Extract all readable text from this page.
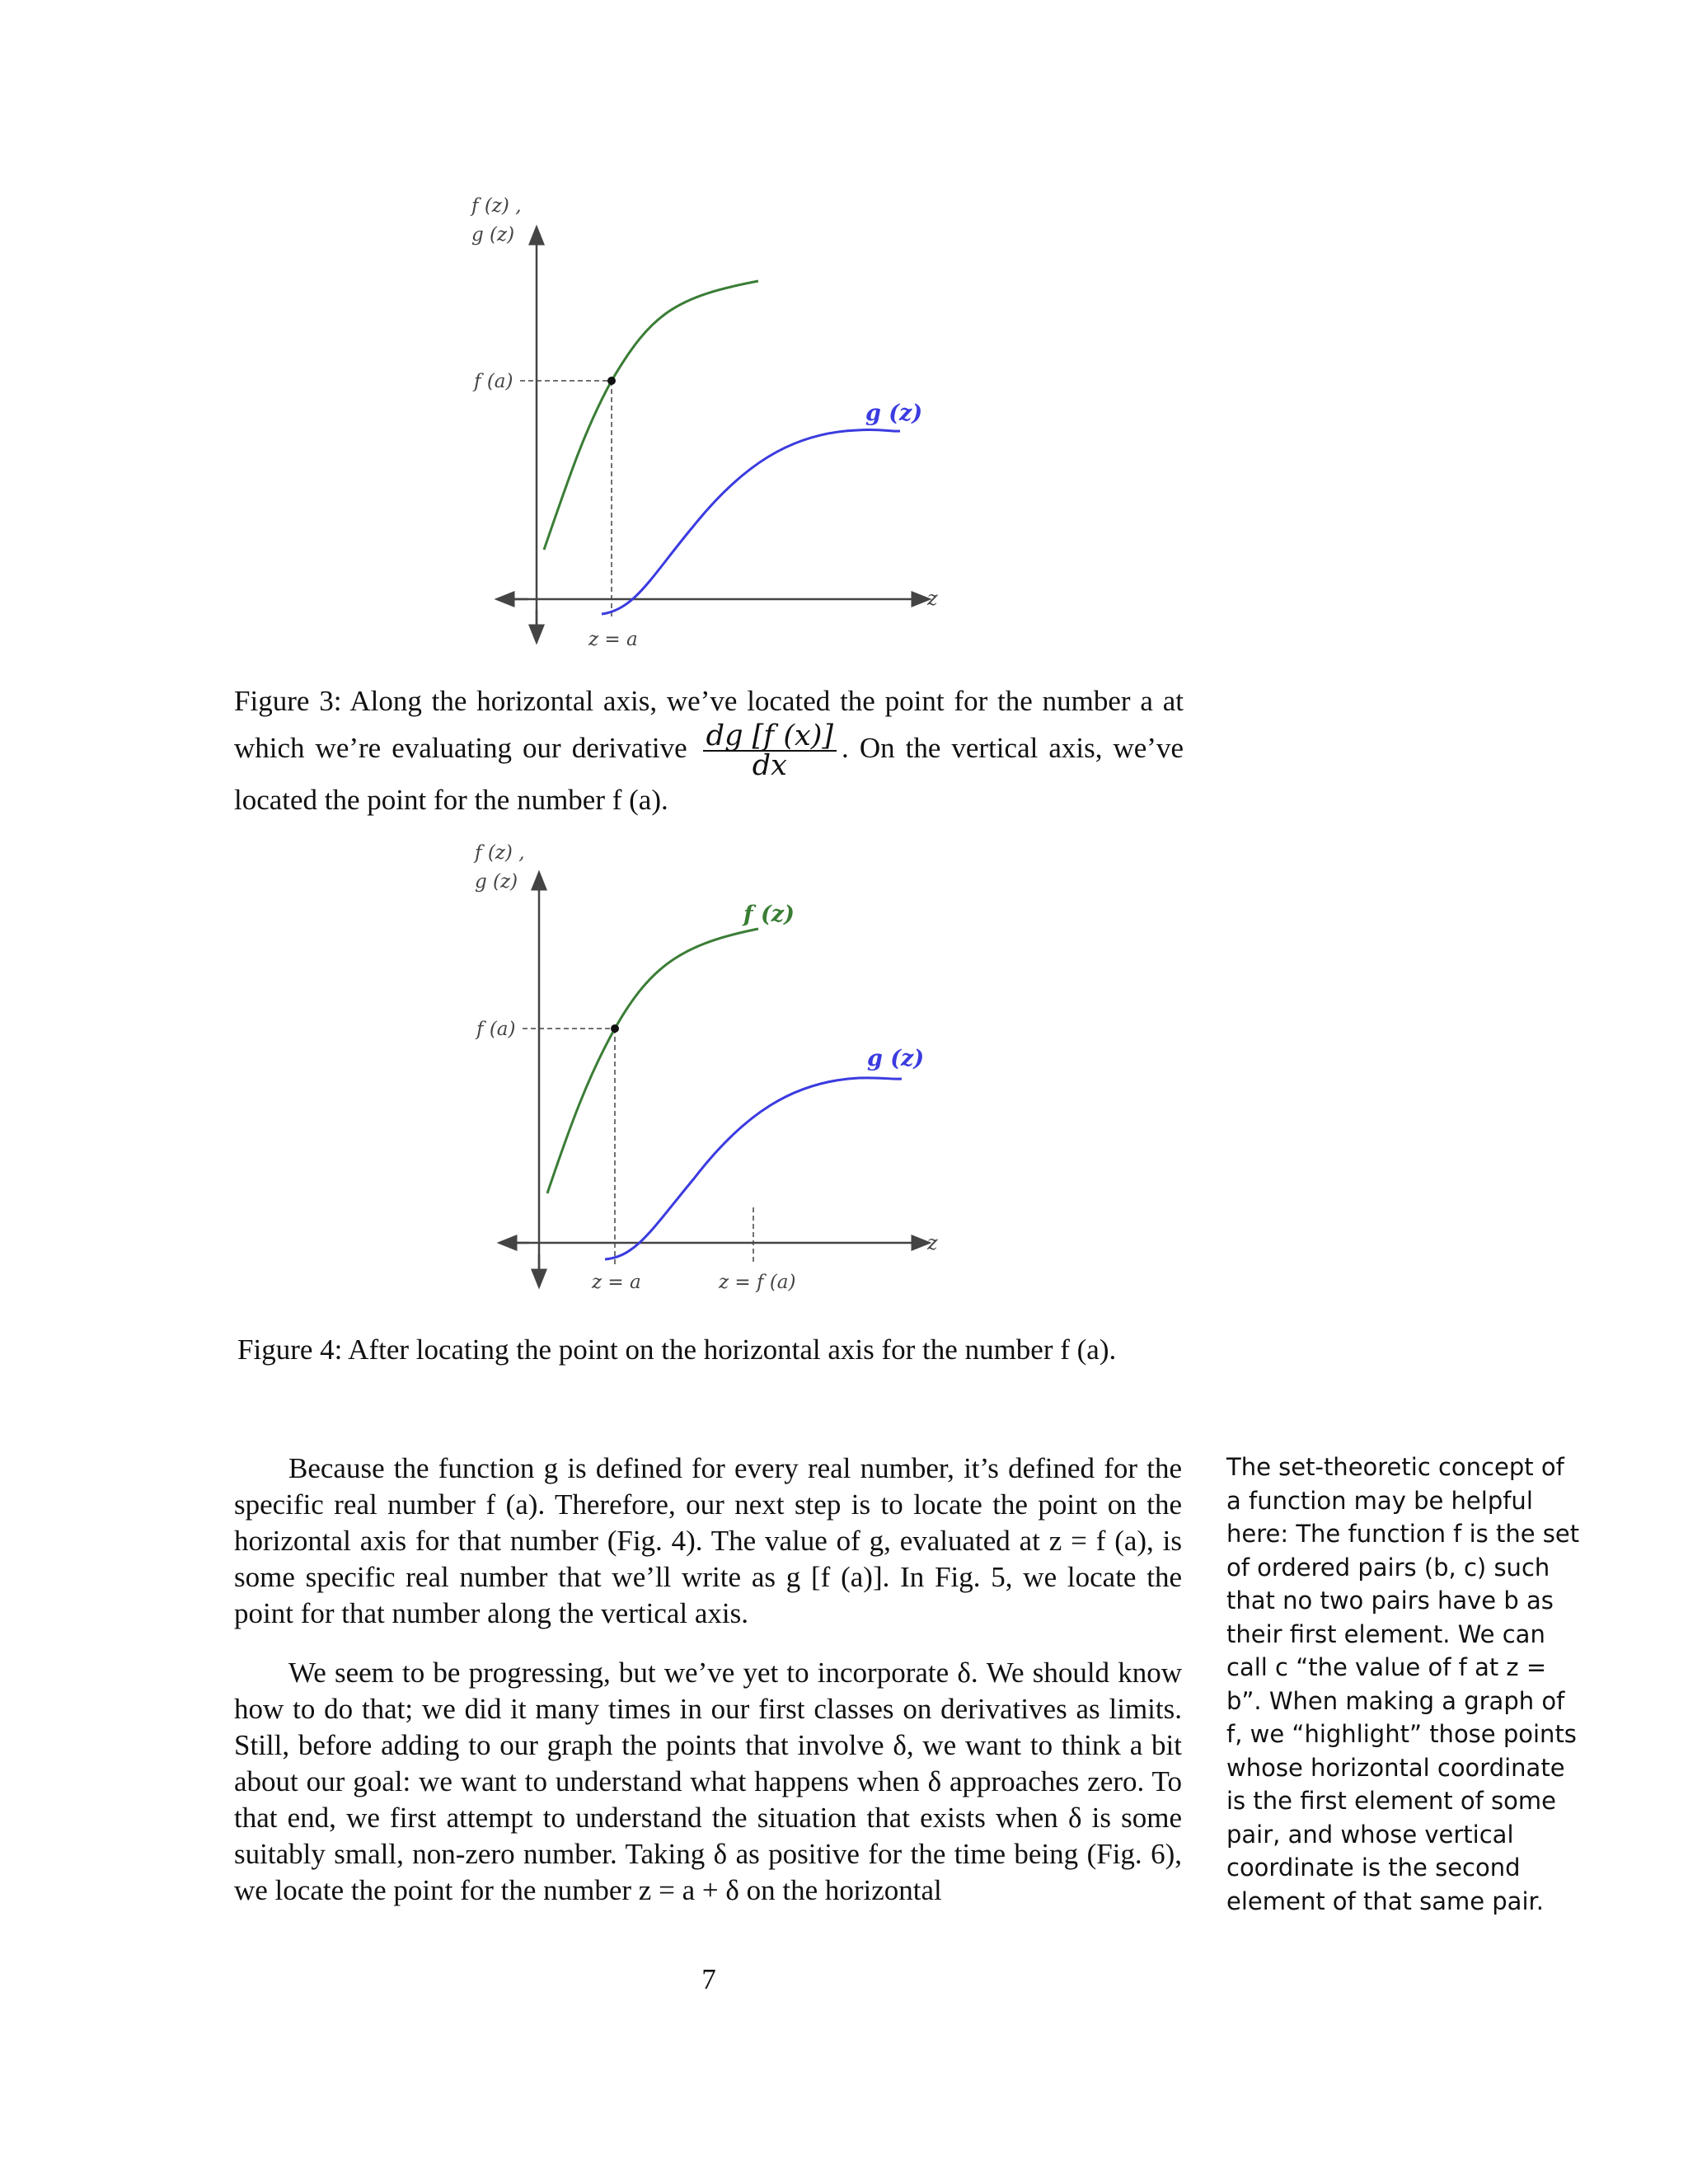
f (z) ,
g (z)
z
f (a)
z = a
g (z)
Figure 3: Along the horizontal axis, we’ve located the point for the number a at which we’re evaluating our derivative $\frac{dg [f (x)]}{dx}$ . On the vertical axis, we’ve located the point for the number f (a).
f (z) ,
g (z)
z
f (a)
z = a	z = f (a)
f (z)
g (z)
Figure 4: After locating the point on the horizontal axis for the number f (a).

Because the function g is defined for every real number, it’s defined for the specific real number f (a). Therefore, our next step is to locate the point on the horizontal axis for that number (Fig. 4). The value of g, evaluated at z = f (a), is some specific real number that we’ll write as g [f (a)]. In Fig. 5, we locate the point for that number along the vertical axis.

We seem to be progressing, but we’ve yet to incorporate δ. We should know how to do that; we did it many times in our first classes on derivatives as limits. Still, before adding to our graph the points that involve δ, we want to think a bit about our goal: we want to understand what happens when δ approaches zero. To that end, we first attempt to understand the situation that exists when δ is some suitably small, non-zero number. Taking δ as positive for the time being (Fig. 6), we locate the point for the number z = a + δ on the horizontal

The set-theoretic concept of a function may be helpful here: The function f is the set of ordered pairs (b, c) such that no two pairs have b as their first element. We can call c “the value of f at z = b”. When making a graph of f, we “highlight” those points whose horizontal coordinate is the first element of some pair, and whose vertical coordinate is the second element of that same pair.
7
